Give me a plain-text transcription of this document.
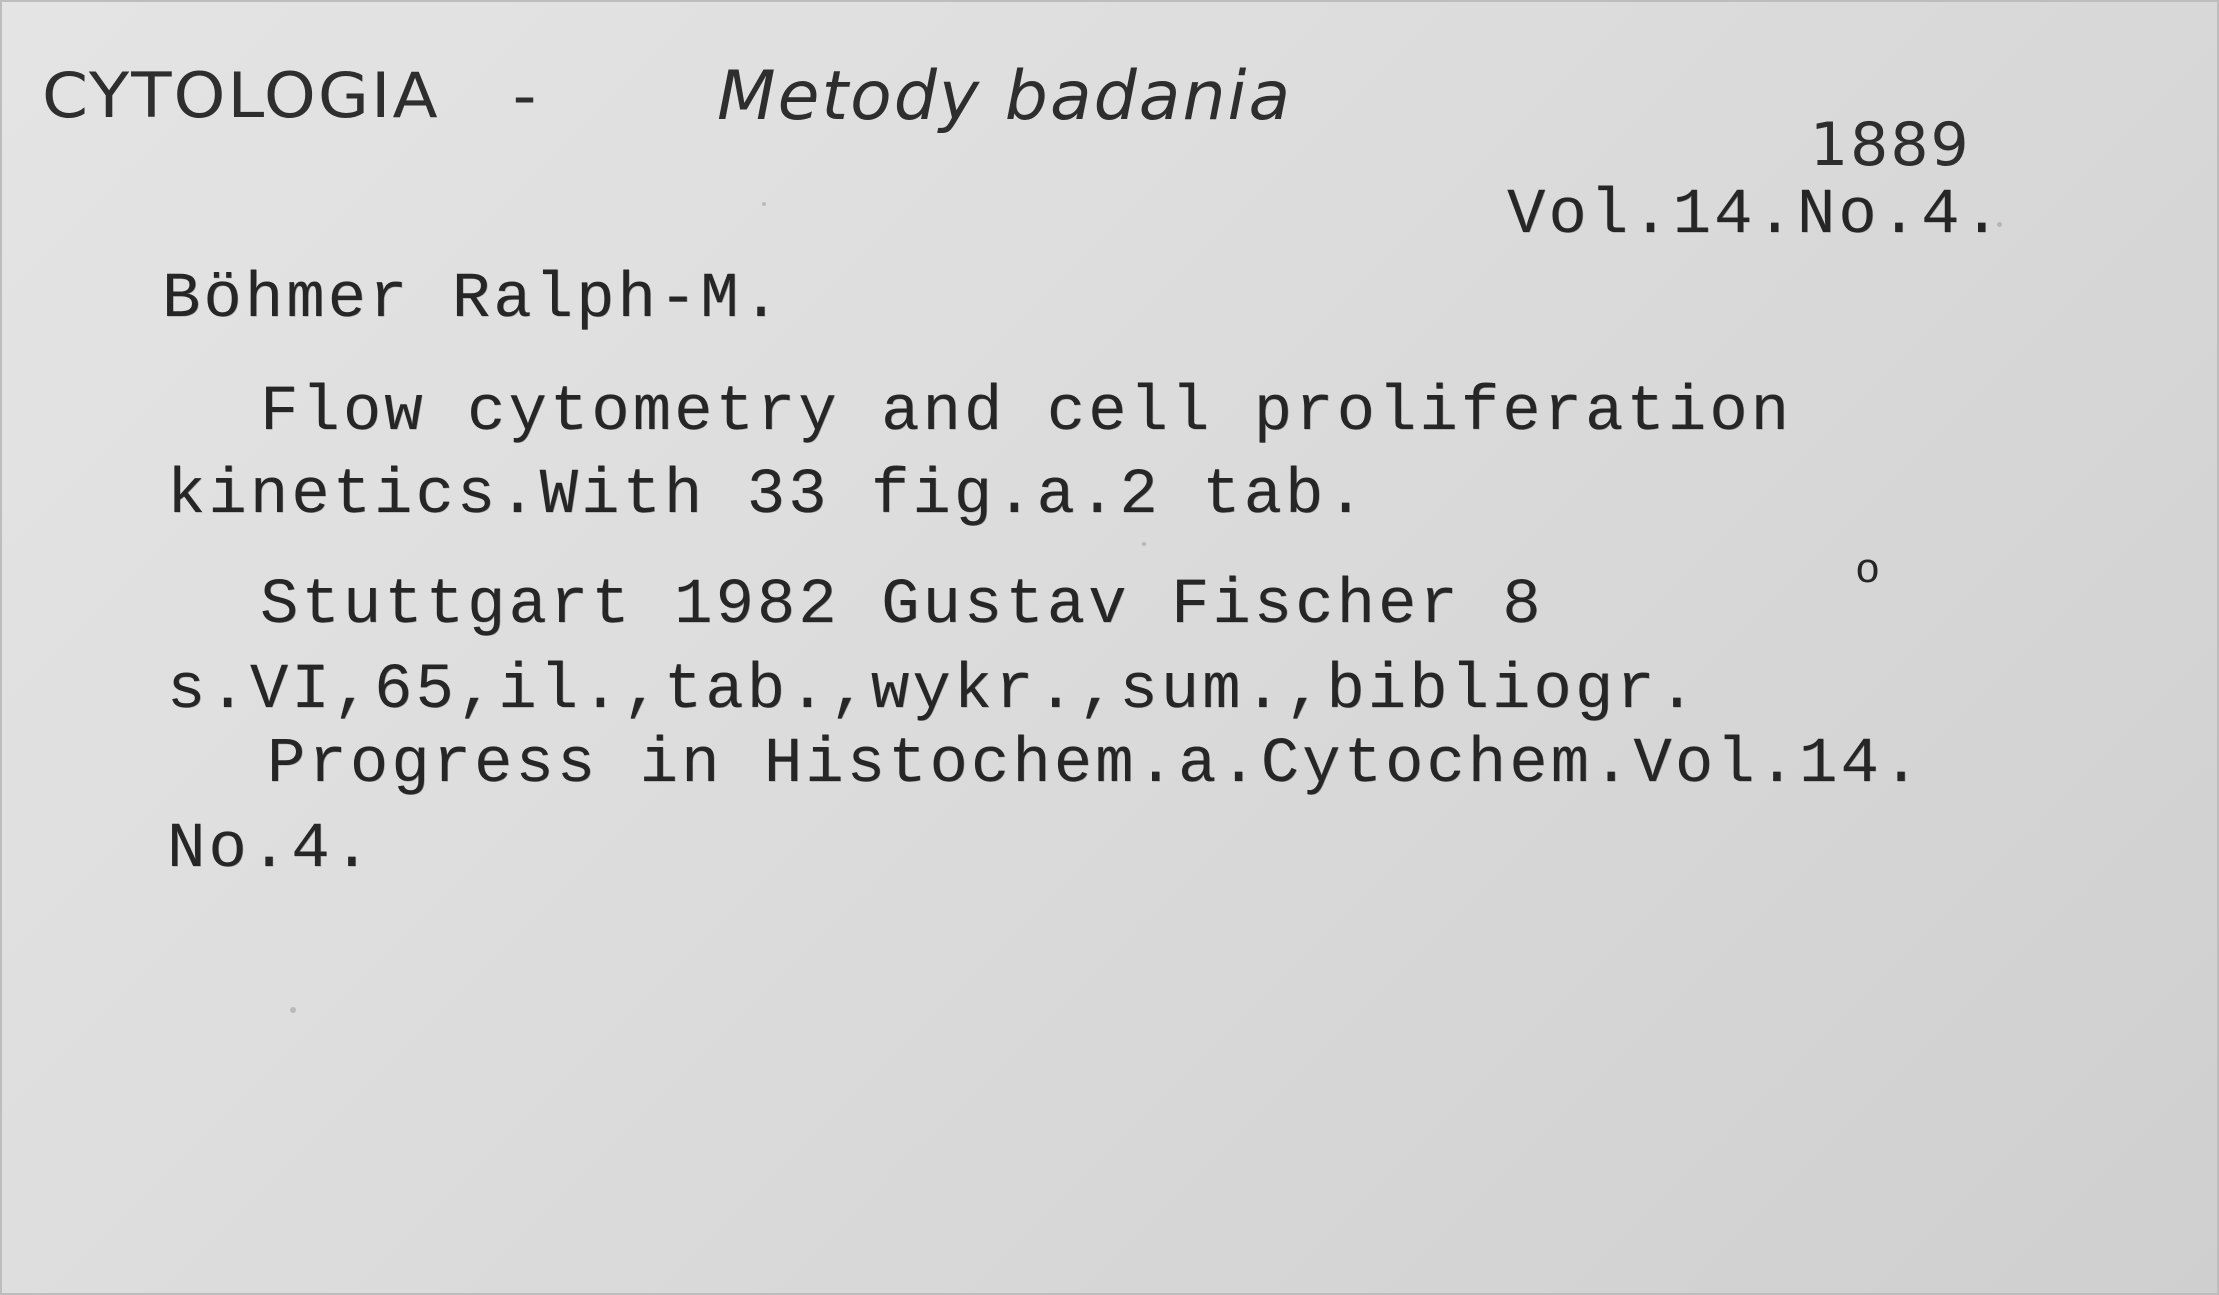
CYTOLOGIA -	Metody badania
1889
Vol.14.No.4.
Böhmer Ralph-M.
Flow cytometry and cell proliferation
kinetics.With 33 fig.a.2 tab.
Stuttgart 1982 Gustav Fischer 8	o
s.VI,65,il.,tab.,wykr.,sum.,bibliogr.
Progress in Histochem.a.Cytochem.Vol.14.
No.4.
